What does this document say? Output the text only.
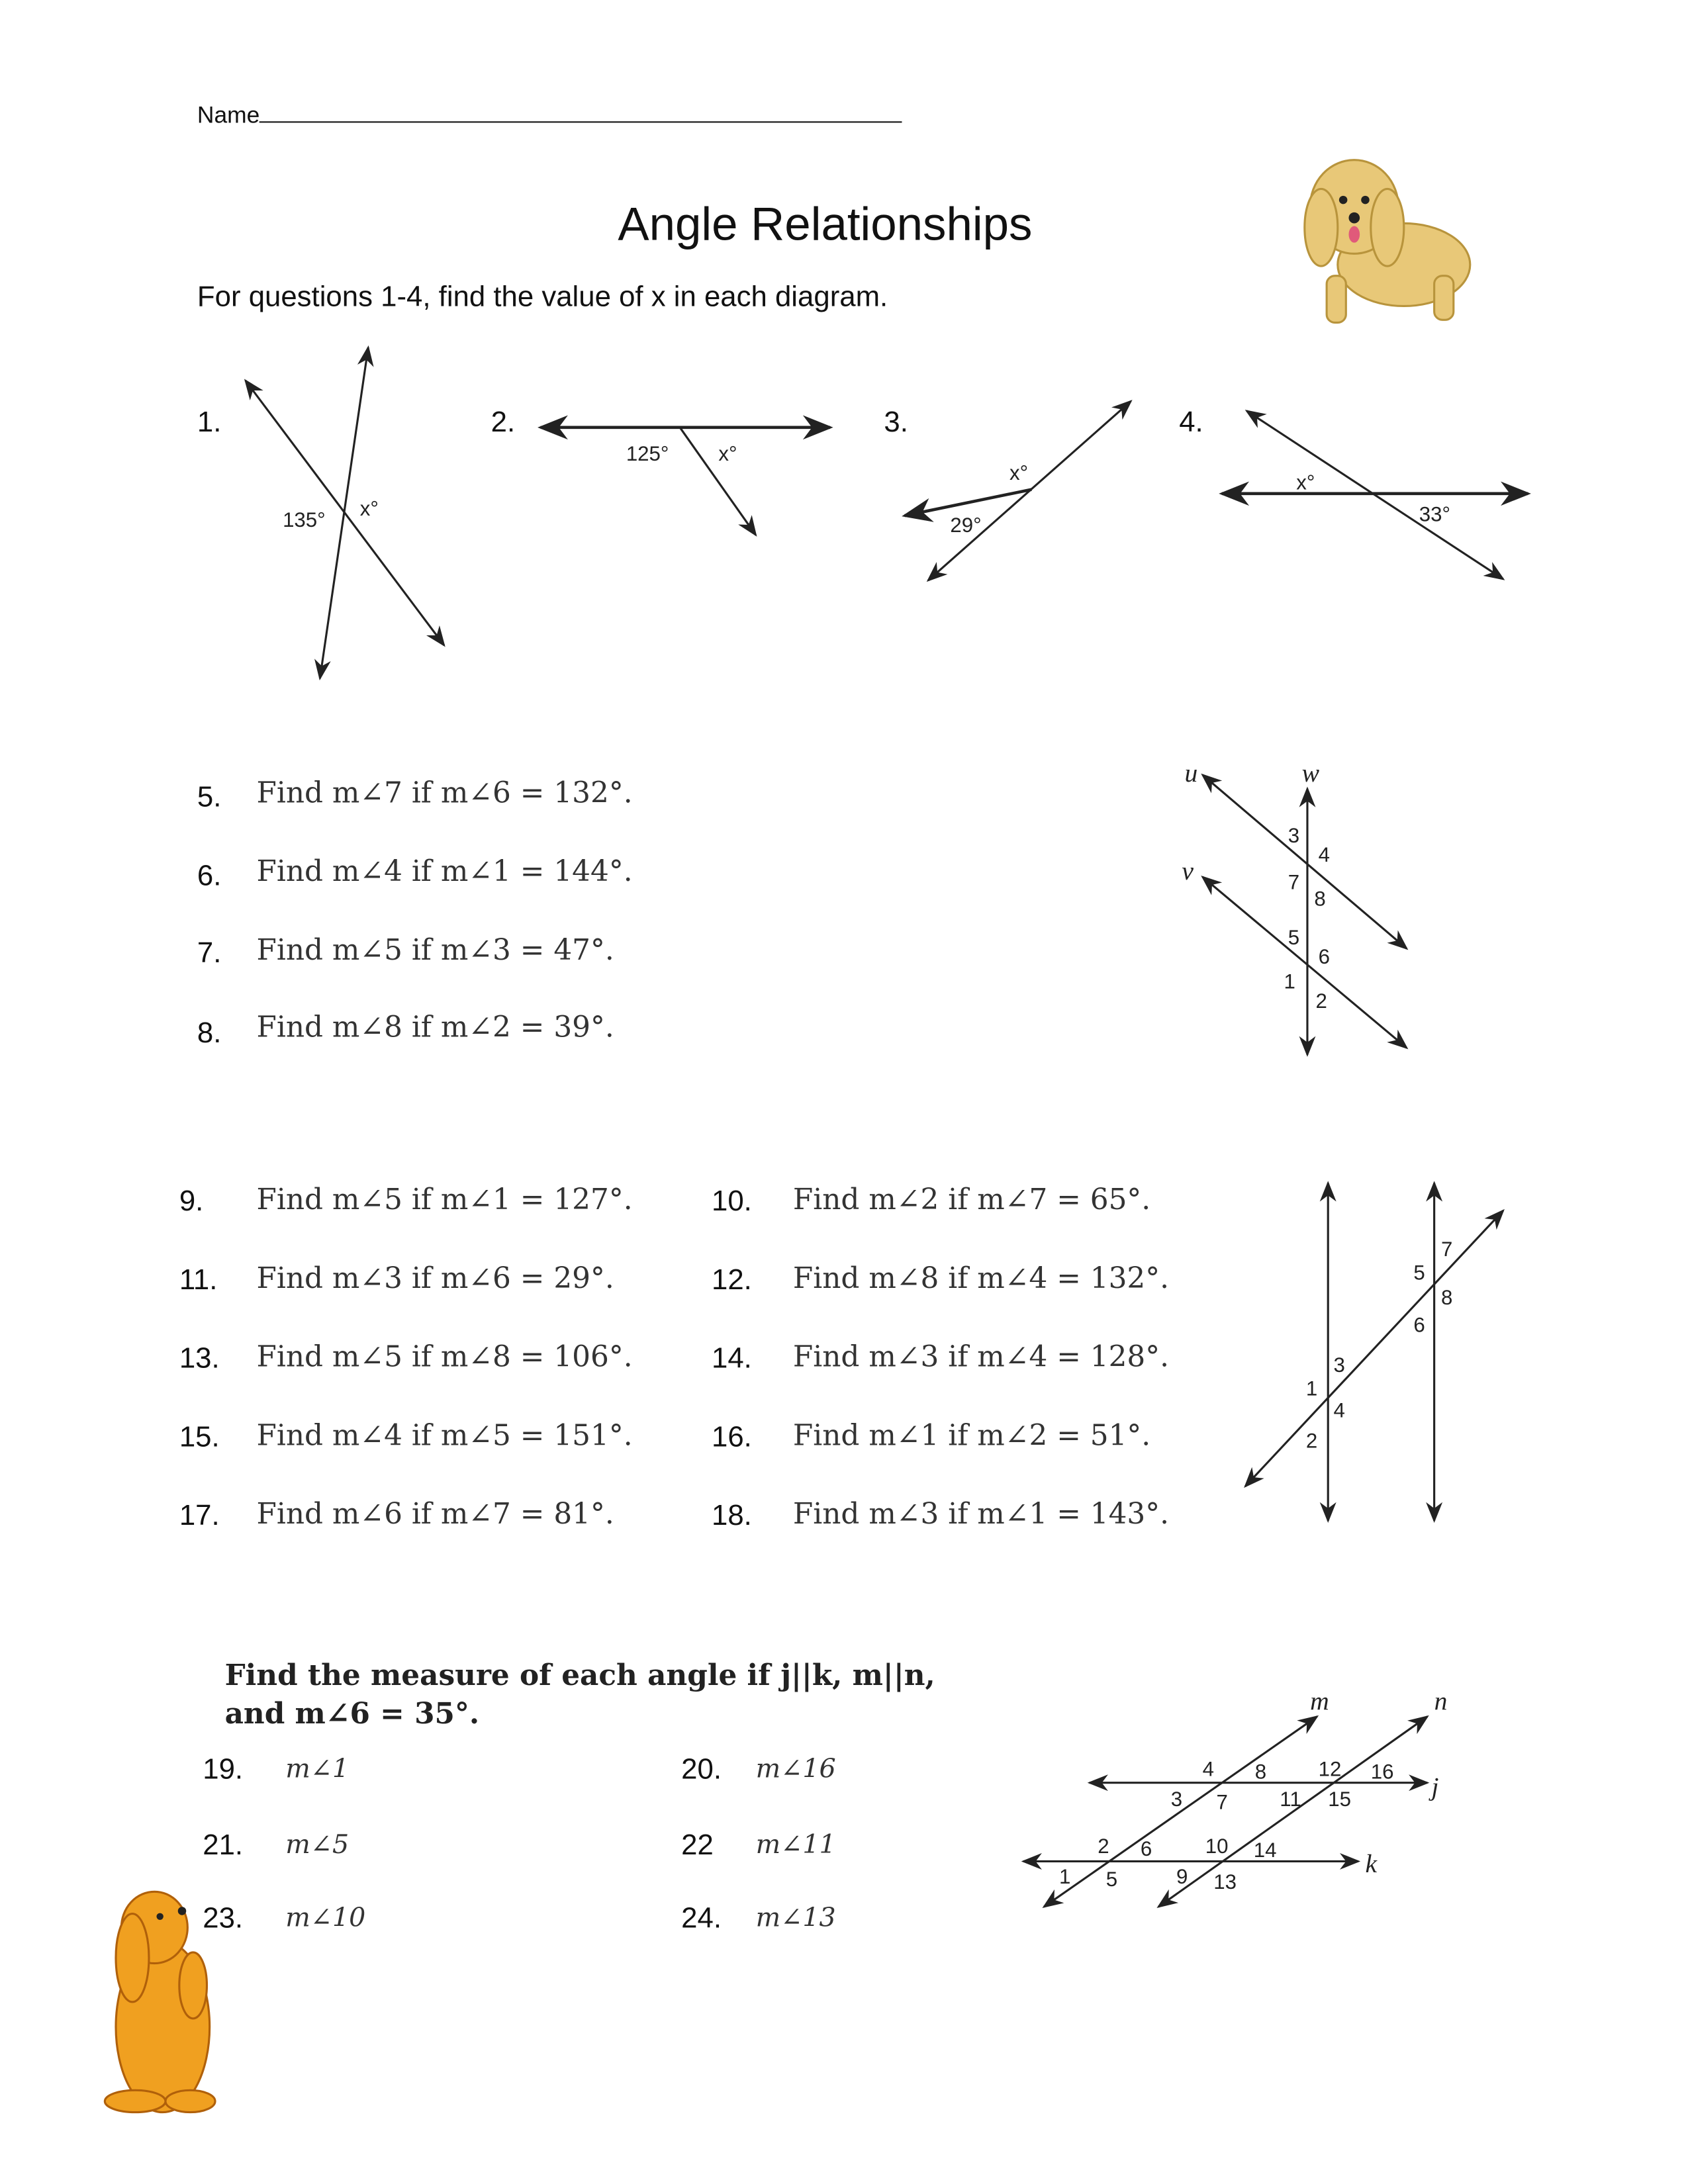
Name
Angle Relationships
For questions 1-4, find the value of x in each diagram.
135°	x°
125°	x°
x°
29°
x°
33°
1.	2.	3.	4.
5.	Find m∠7 if m∠6 = 132°.
6.	Find m∠4 if m∠1 = 144°.
7.	Find m∠5 if m∠3 = 47°.
8.	Find m∠8 if m∠2 = 39°.
u
v
w
1
2
3
4
5
6
7
8
9.	Find m∠5 if m∠1 = 127°.	10.	Find m∠2 if m∠7 = 65°.
11.	Find m∠3 if m∠6 = 29°.	12.	Find m∠8 if m∠4 = 132°.
13.	Find m∠5 if m∠8 = 106°.	14.	Find m∠3 if m∠4 = 128°.
15.	Find m∠4 if m∠5 = 151°.	16.	Find m∠1 if m∠2 = 51°.
17.	Find m∠6 if m∠7 = 81°.	18.	Find m∠3 if m∠1 = 143°.
1
2
3
4
5
6
7
8
Find the measure of each angle if j||k, m||n,
and m∠6 = 35°.
19.	m∠1	20.	m∠16
21.	m∠5	22	m∠11
23.	m∠10	24.	m∠13
j
k
m	n
1
2
3
4
5
6
7
8
9
10
11
12
13
14
15
16
